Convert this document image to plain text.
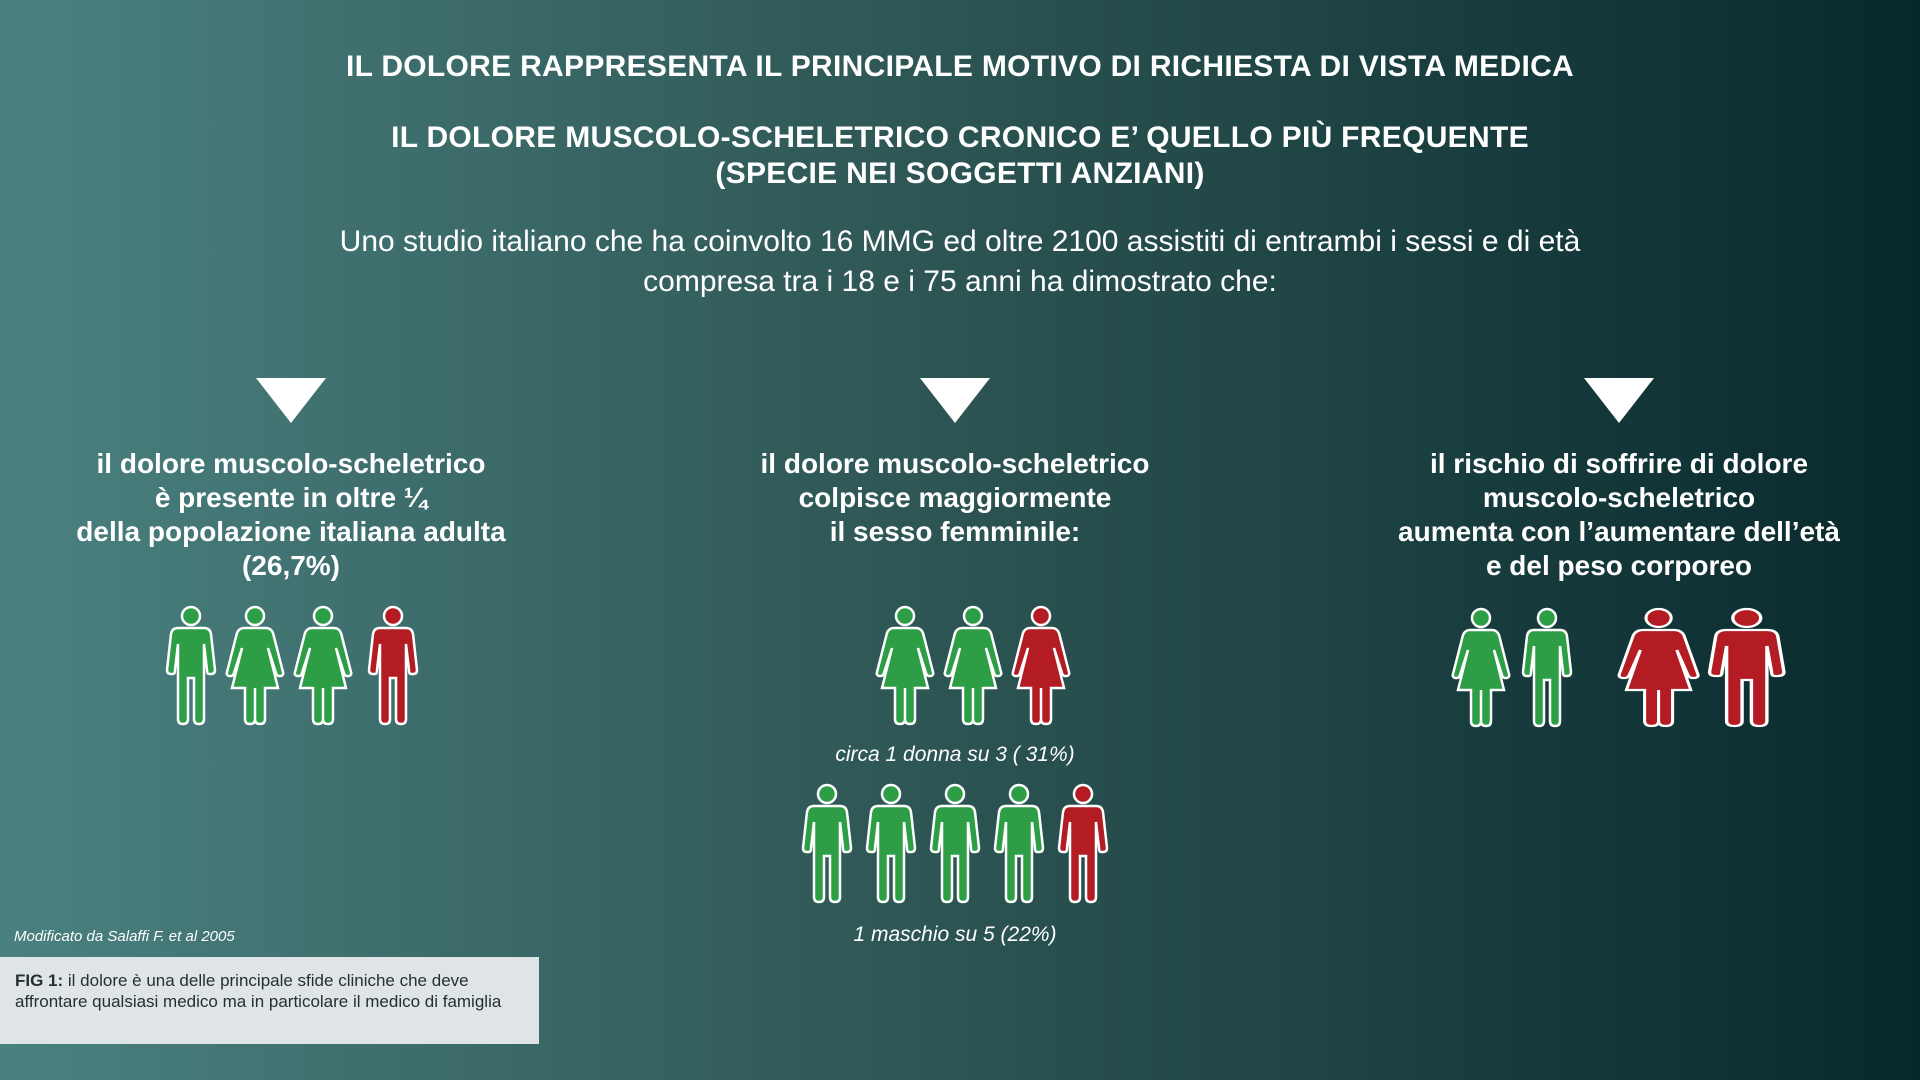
IL DOLORE RAPPRESENTA IL PRINCIPALE MOTIVO DI RICHIESTA DI VISTA MEDICA
IL DOLORE MUSCOLO-SCHELETRICO CRONICO E’ QUELLO PIÙ FREQUENTE
(SPECIE NEI SOGGETTI ANZIANI)
Uno studio italiano che ha coinvolto 16 MMG ed oltre 2100 assistiti di entrambi i sessi e di età
compresa tra i 18 e i 75 anni ha dimostrato che:
il dolore muscolo-scheletrico
è presente in oltre ¼
della popolazione italiana adulta
(26,7%)
il dolore muscolo-scheletrico
colpisce maggiormente
il sesso femminile:
circa 1 donna su 3 ( 31%)
1 maschio su 5 (22%)
il rischio di soffrire di dolore
muscolo-scheletrico
aumenta con l’aumentare dell’età
e del peso corporeo
Modificato da Salaffi F. et al 2005
FIG 1: il dolore è una delle principale sfide cliniche che deve affrontare qualsiasi medico ma in particolare il medico di famiglia
